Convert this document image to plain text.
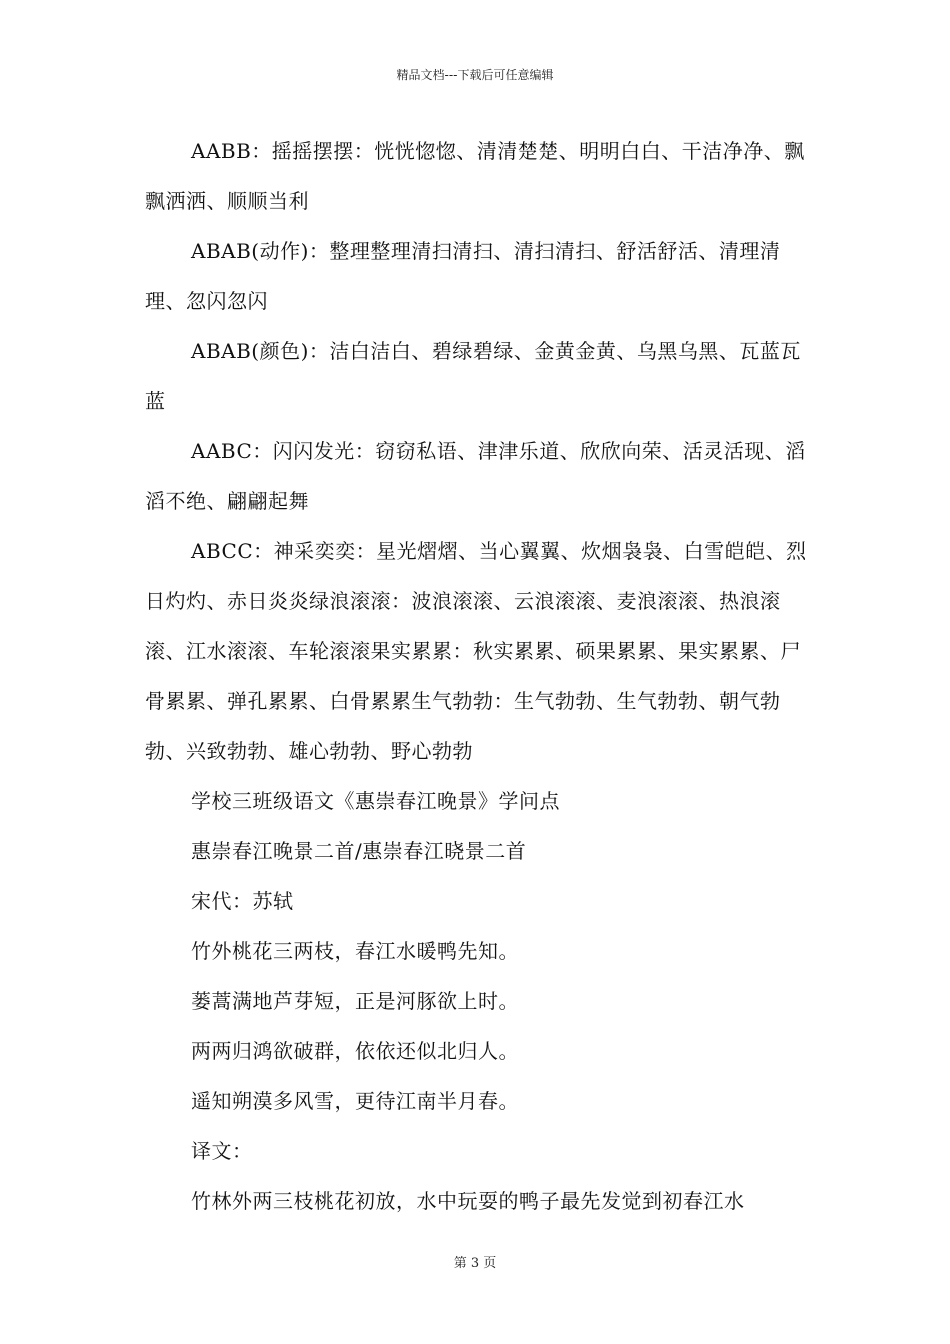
精品文档---下载后可任意编辑

AABB：摇摇摆摆：恍恍惚惚、清清楚楚、明明白白、干洁净净、飘飘洒洒、顺顺当利

ABAB(动作)：整理整理清扫清扫、清扫清扫、舒活舒活、清理清理、忽闪忽闪

ABAB(颜色)：洁白洁白、碧绿碧绿、金黄金黄、乌黑乌黑、瓦蓝瓦蓝

AABC：闪闪发光：窃窃私语、津津乐道、欣欣向荣、活灵活现、滔滔不绝、翩翩起舞

ABCC：神采奕奕：星光熠熠、当心翼翼、炊烟袅袅、白雪皑皑、烈日灼灼、赤日炎炎绿浪滚滚：波浪滚滚、云浪滚滚、麦浪滚滚、热浪滚滚、江水滚滚、车轮滚滚果实累累：秋实累累、硕果累累、果实累累、尸骨累累、弹孔累累、白骨累累生气勃勃：生气勃勃、生气勃勃、朝气勃勃、兴致勃勃、雄心勃勃、野心勃勃

学校三班级语文《惠崇春江晚景》学问点

惠崇春江晚景二首/惠崇春江晓景二首

宋代：苏轼

竹外桃花三两枝，春江水暖鸭先知。

蒌蒿满地芦芽短，正是河豚欲上时。

两两归鸿欲破群，依依还似北归人。

遥知朔漠多风雪，更待江南半月春。

译文：

竹林外两三枝桃花初放，水中玩耍的鸭子最先发觉到初春江水

第 3 页
